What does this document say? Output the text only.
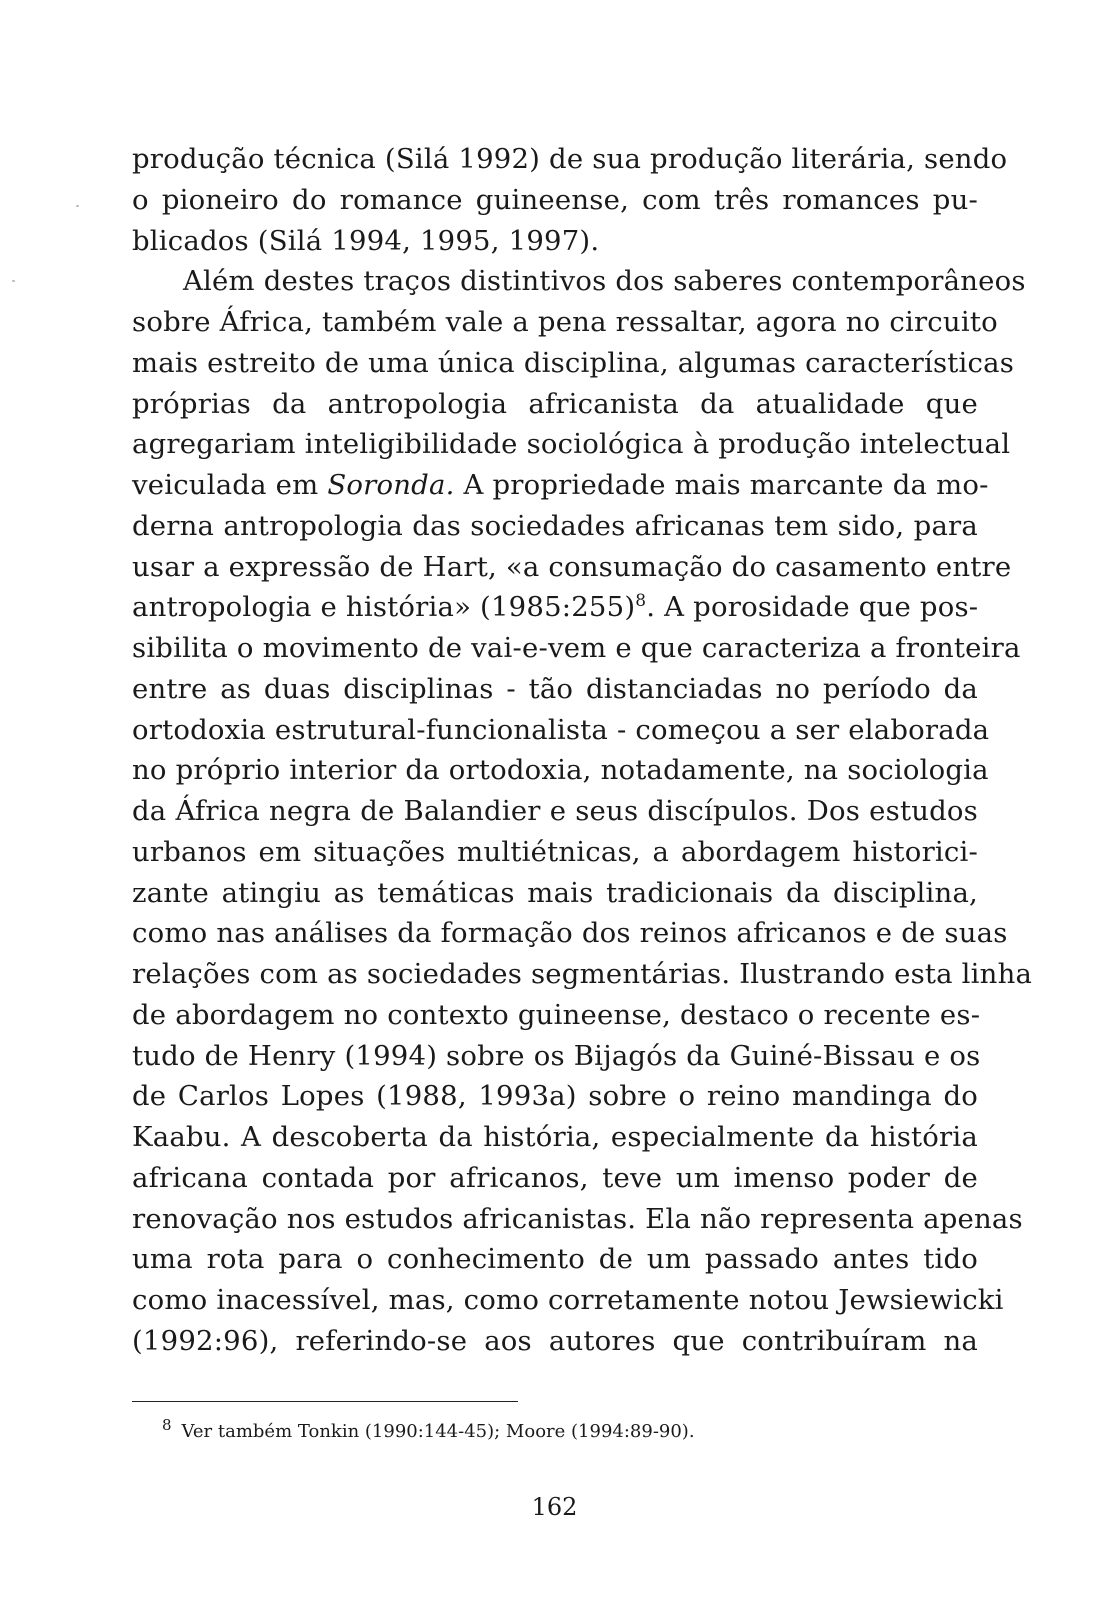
produção técnica (Silá 1992) de sua produção literária, sendo
o pioneiro do romance guineense, com três romances pu-
blicados (Silá 1994, 1995, 1997).
Além destes traços distintivos dos saberes contemporâneos
sobre África, também vale a pena ressaltar, agora no circuito
mais estreito de uma única disciplina, algumas características
próprias da antropologia africanista da atualidade que
agregariam inteligibilidade sociológica à produção intelectual
veiculada em Soronda. A propriedade mais marcante da mo-
derna antropologia das sociedades africanas tem sido, para
usar a expressão de Hart, «a consumação do casamento entre
antropologia e história» (1985:255)$^8$. A porosidade que pos-
sibilita o movimento de vai-e-vem e que caracteriza a fronteira
entre as duas disciplinas - tão distanciadas no período da
ortodoxia estrutural-funcionalista - começou a ser elaborada
no próprio interior da ortodoxia, notadamente, na sociologia
da África negra de Balandier e seus discípulos. Dos estudos
urbanos em situações multiétnicas, a abordagem historici-
zante atingiu as temáticas mais tradicionais da disciplina,
como nas análises da formação dos reinos africanos e de suas
relações com as sociedades segmentárias. Ilustrando esta linha
de abordagem no contexto guineense, destaco o recente es-
tudo de Henry (1994) sobre os Bijagós da Guiné-Bissau e os
de Carlos Lopes (1988, 1993a) sobre o reino mandinga do
Kaabu. A descoberta da história, especialmente da história
africana contada por africanos, teve um imenso poder de
renovação nos estudos africanistas. Ela não representa apenas
uma rota para o conhecimento de um passado antes tido
como inacessível, mas, como corretamente notou Jewsiewicki
(1992:96), referindo-se aos autores que contribuíram na
$^8$ Ver também Tonkin (1990:144-45); Moore (1994:89-90).
162
